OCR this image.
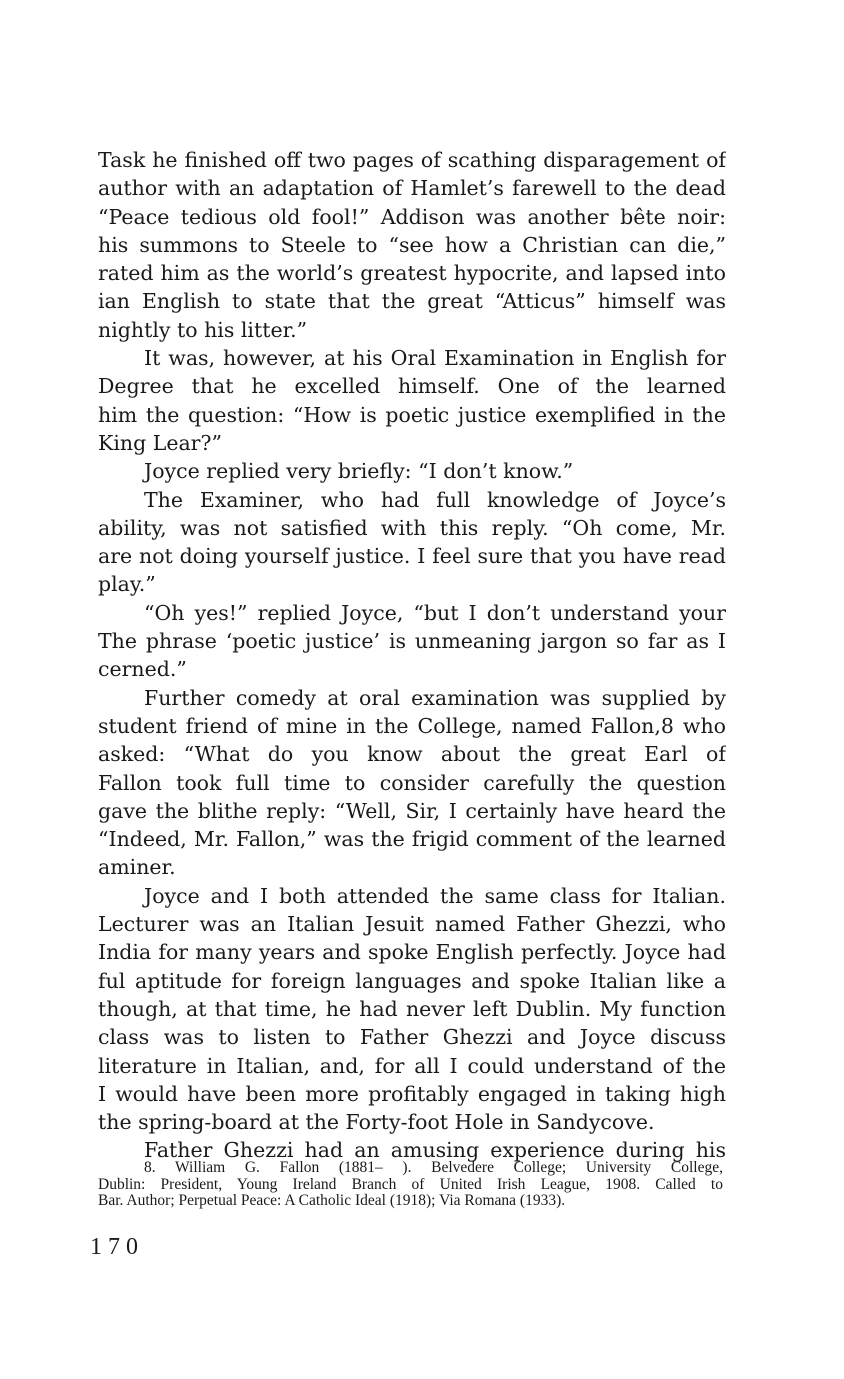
Task he finished off two pages of scathing disparagement of
author with an adaptation of Hamlet’s farewell to the dead
“Peace tedious old fool!” Addison was another bête noir:
his summons to Steele to “see how a Christian can die,”
rated him as the world’s greatest hypocrite, and lapsed into
ian English to state that the great “Atticus” himself was
nightly to his litter.”
It was, however, at his Oral Examination in English for
Degree that he excelled himself. One of the learned
him the question: “How is poetic justice exemplified in the
King Lear?”
Joyce replied very briefly: “I don’t know.”
The Examiner, who had full knowledge of Joyce’s
ability, was not satisfied with this reply. “Oh come, Mr.
are not doing yourself justice. I feel sure that you have read
play.”
“Oh yes!” replied Joyce, “but I don’t understand your
The phrase ‘poetic justice’ is unmeaning jargon so far as I
cerned.”
Further comedy at oral examination was supplied by
student friend of mine in the College, named Fallon,8 who
asked: “What do you know about the great Earl of
Fallon took full time to consider carefully the question
gave the blithe reply: “Well, Sir, I certainly have heard the
“Indeed, Mr. Fallon,” was the frigid comment of the learned
aminer.
Joyce and I both attended the same class for Italian.
Lecturer was an Italian Jesuit named Father Ghezzi, who
India for many years and spoke English perfectly. Joyce had
ful aptitude for foreign languages and spoke Italian like a
though, at that time, he had never left Dublin. My function
class was to listen to Father Ghezzi and Joyce discuss
literature in Italian, and, for all I could understand of the
I would have been more profitably engaged in taking high
the spring-board at the Forty-foot Hole in Sandycove.
Father Ghezzi had an amusing experience during his
8. William G. Fallon (1881– ). Belvedere College; University College,
Dublin: President, Young Ireland Branch of United Irish League, 1908. Called to
Bar. Author; Perpetual Peace: A Catholic Ideal (1918); Via Romana (1933).
170
